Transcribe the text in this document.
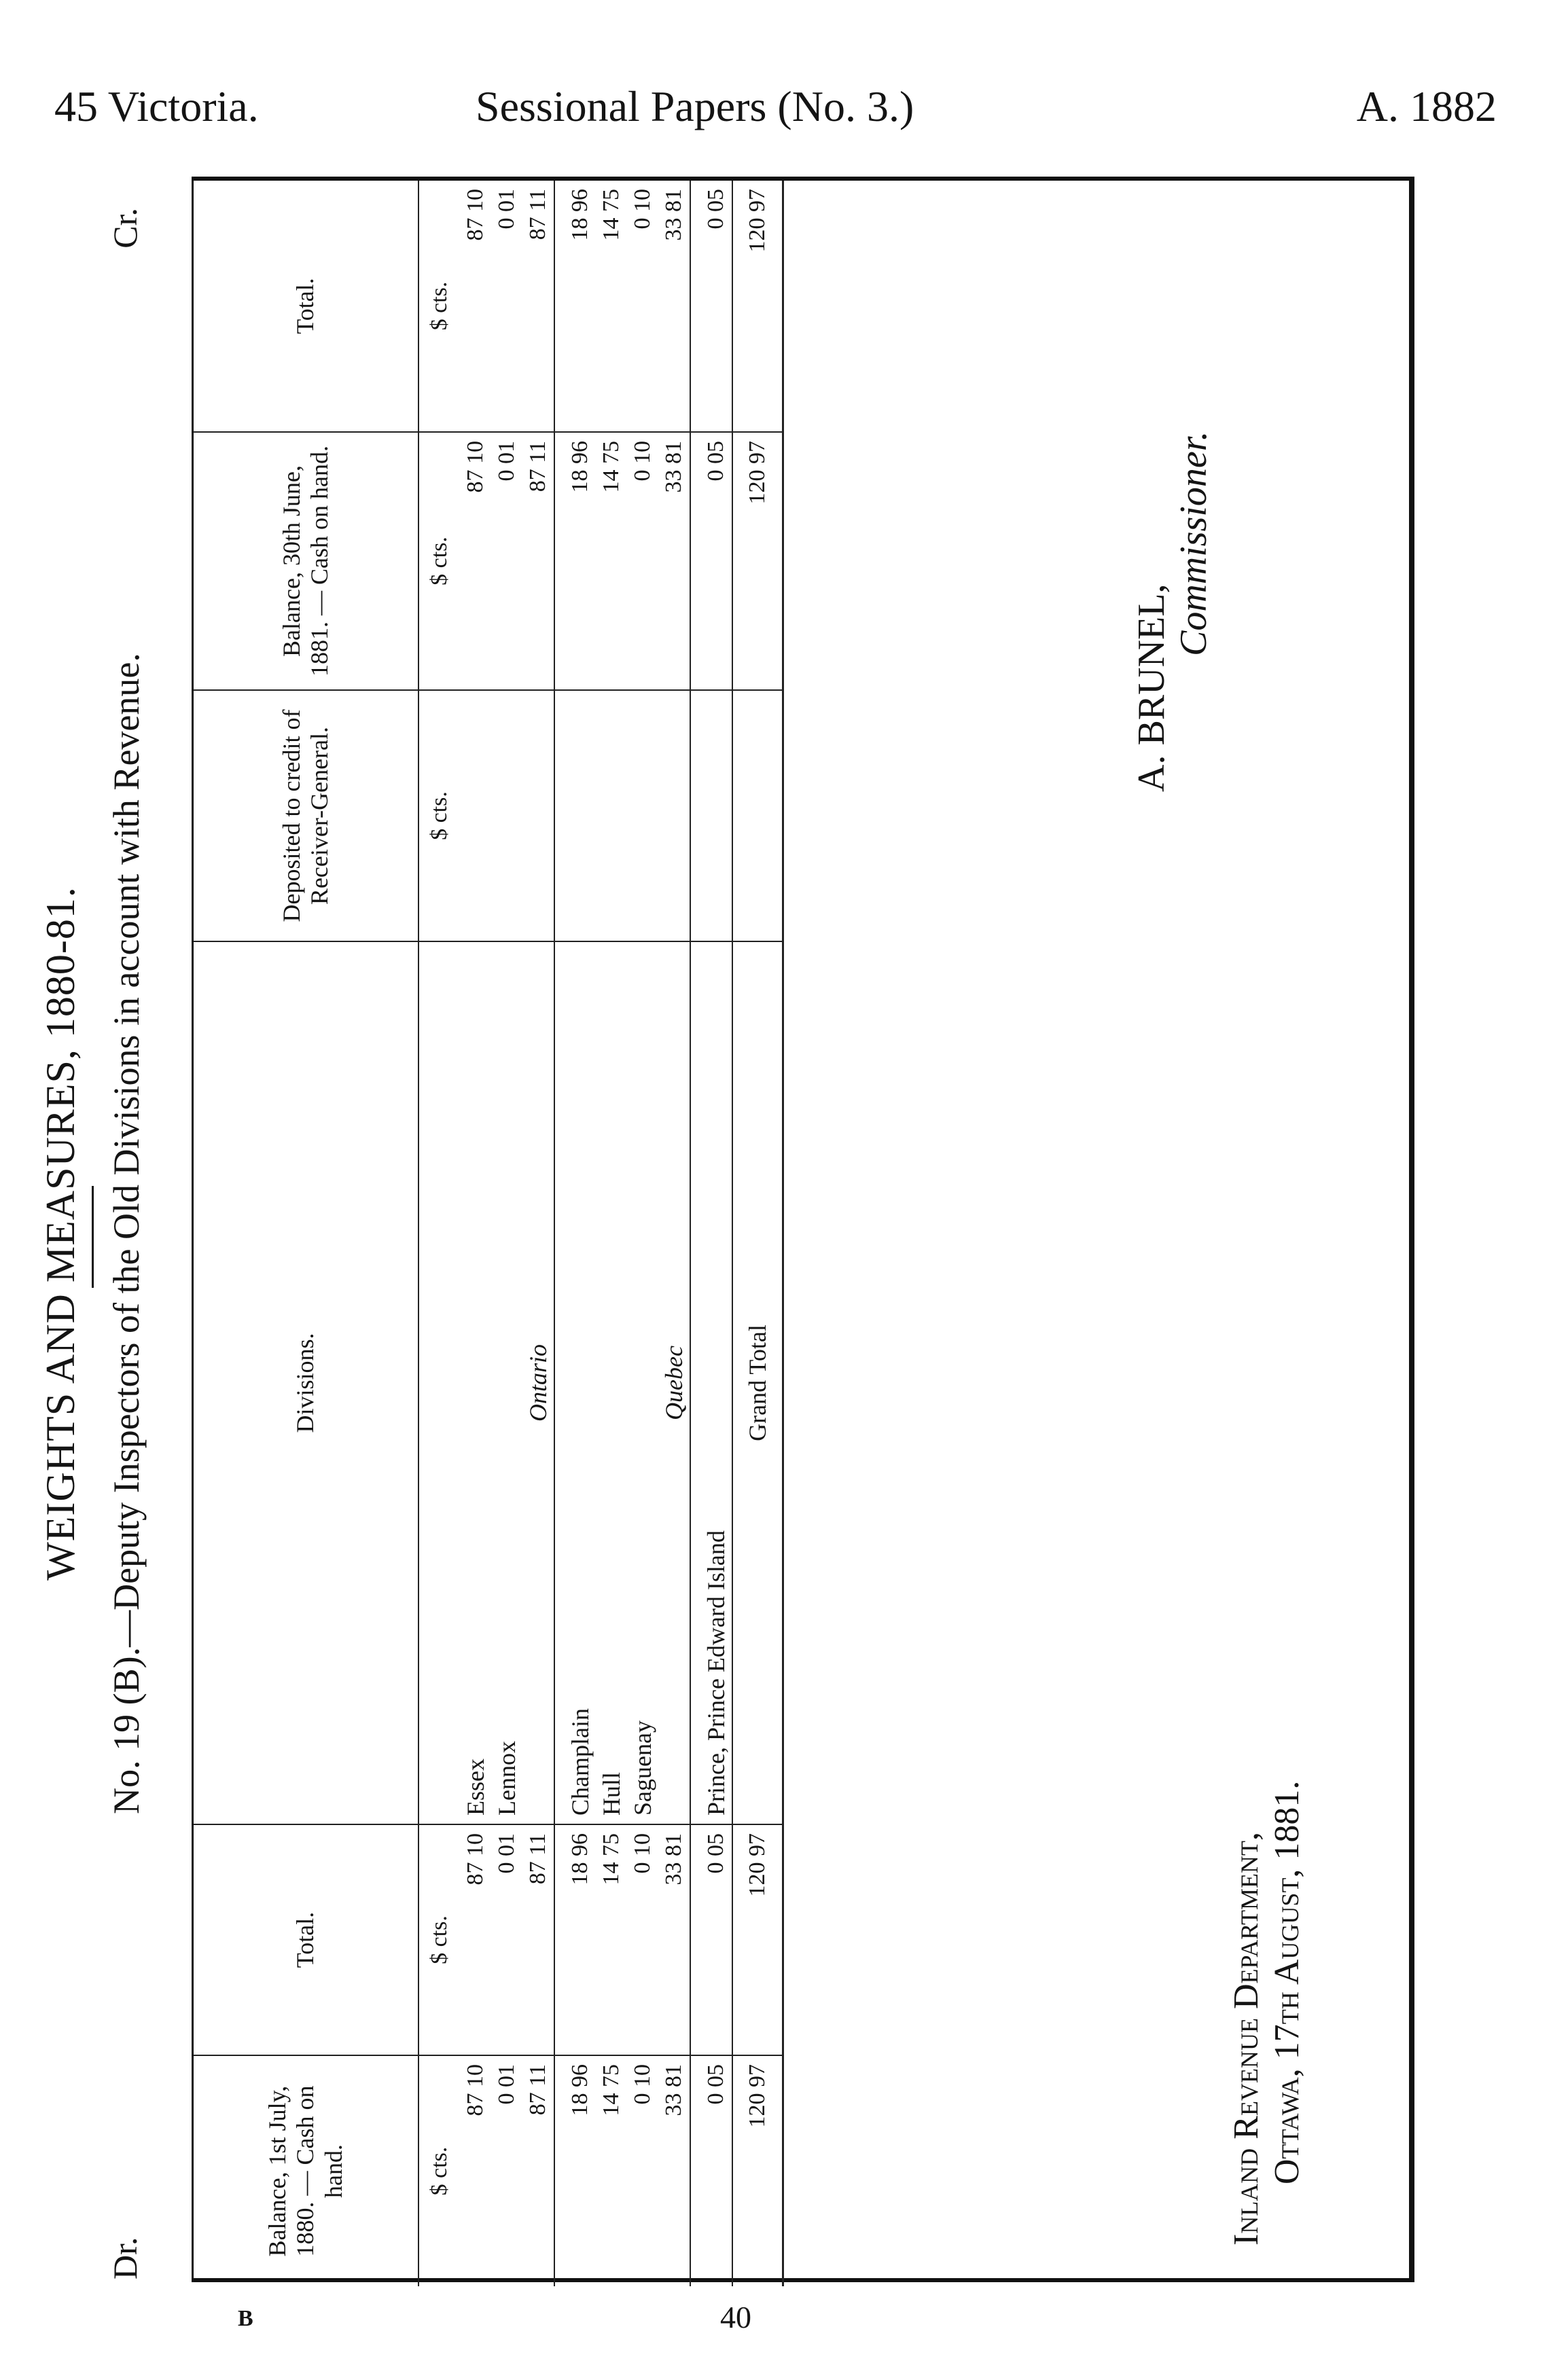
45 Victoria.	Sessional Papers (No. 3.)	A. 1882
WEIGHTS AND MEASURES, 1880-81.
Dr.
No. 19 (B).—Deputy Inspectors of the Old Divisions in account with Revenue.
Cr.
Balance, 1st July, 1880. — Cash on hand.	Total.	Divisions.	Deposited to credit of Receiver-General.	Balance, 30th June, 1881. — Cash on hand.	Total.
$ cts.	$ cts.		$ cts.	$ cts.	$ cts.
87 10	87 10	Essex		87 10	87 10
0 01	0 01	Lennox		0 01	0 01
87 11	87 11	Ontario		87 11	87 11

18 96	18 96	Champlain		18 96	18 96
14 75	14 75	Hull		14 75	14 75
0 10	0 10	Saguenay		0 10	0 10
33 81	33 81	Quebec		33 81	33 81

0 05	0 05	Prince, Prince Edward Island		0 05	0 05
120 97	120 97	Grand Total		120 97	120 97
A. BRUNEL,
Commissioner.
Inland Revenue Department, Ottawa, 17th August, 1881.
B	40
